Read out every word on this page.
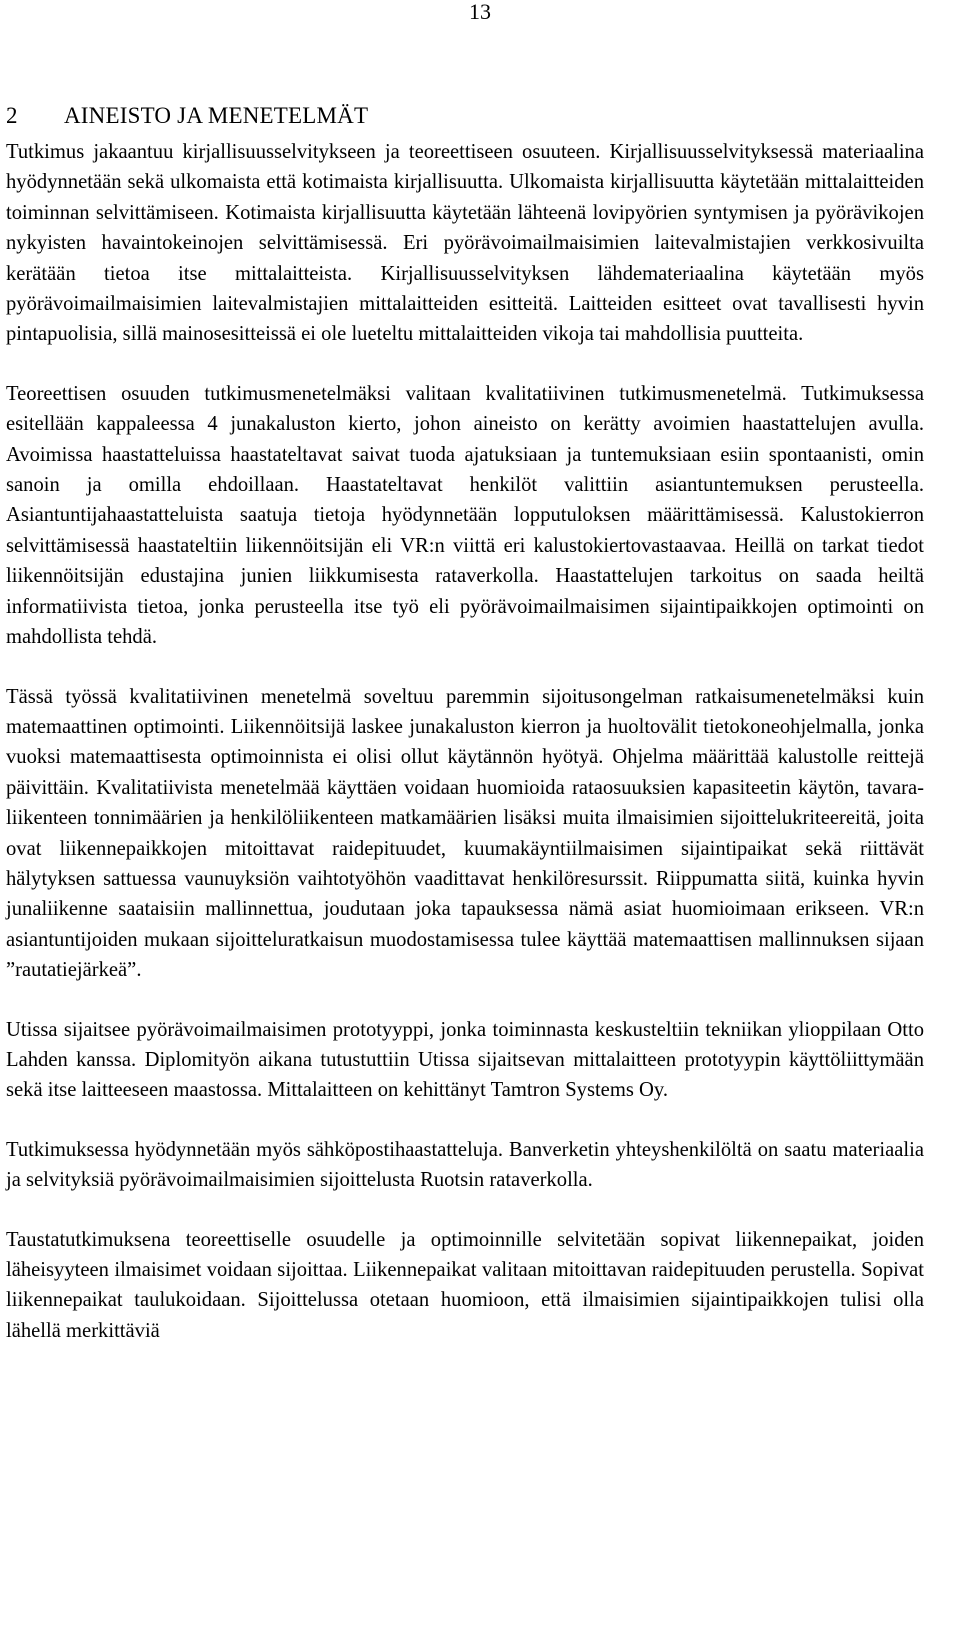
13
2 AINEISTO JA MENETELMÄT

Tutkimus jakaantuu kirjallisuusselvitykseen ja teoreettiseen osuuteen. Kirjallisuusselvityksessä materiaalina hyödynnetään sekä ulkomaista että kotimaista kirjallisuutta. Ulkomaista kirjallisuutta käytetään mittalaitteiden toiminnan selvittämiseen. Kotimaista kirjallisuutta käytetään lähteenä lovipyörien syntymisen ja pyörävikojen nykyisten havaintokeinojen selvittämisessä. Eri pyörävoimailmaisimien laitevalmistajien verkkosivuilta kerätään tietoa itse mittalaitteista. Kirjallisuusselvityksen lähdemateriaalina käytetään myös pyörävoimailmaisimien laitevalmistajien mittalaitteiden esitteitä. Laitteiden esitteet ovat tavallisesti hyvin pintapuolisia, sillä mainosesitteissä ei ole lueteltu mittalaitteiden vikoja tai mahdollisia puutteita.

Teoreettisen osuuden tutkimusmenetelmäksi valitaan kvalitatiivinen tutkimusmenetelmä. Tutkimuksessa esitellään kappaleessa 4 junakaluston kierto, johon aineisto on kerätty avoimien haastattelujen avulla. Avoimissa haastatteluissa haastateltavat saivat tuoda ajatuksiaan ja tuntemuksiaan esiin spontaanisti, omin sanoin ja omilla ehdoillaan. Haastateltavat henkilöt valittiin asiantuntemuksen perusteella. Asiantuntijahaastatteluista saatuja tietoja hyödynnetään lopputuloksen määrittämisessä. Kalustokierron selvittämisessä haastateltiin liikennöitsijän eli VR:n viittä eri kalustokiertovastaavaa. Heillä on tarkat tiedot liikennöitsijän edustajina junien liikkumisesta rataverkolla. Haastattelujen tarkoitus on saada heiltä informatiivista tietoa, jonka perusteella itse työ eli pyörävoimailmaisimen sijaintipaikkojen optimointi on mahdollista tehdä.

Tässä työssä kvalitatiivinen menetelmä soveltuu paremmin sijoitusongelman ratkaisumenetelmäksi kuin matemaattinen optimointi. Liikennöitsijä laskee junakaluston kierron ja huoltovälit tietokoneohjelmalla, jonka vuoksi matemaattisesta optimoinnista ei olisi ollut käytännön hyötyä. Ohjelma määrittää kalustolle reittejä päivittäin. Kvalitatiivista menetelmää käyttäen voidaan huomioida rataosuuksien kapasiteetin käytön, tavaraliikenteen tonnimäärien ja henkilöliikenteen matkamäärien lisäksi muita ilmaisimien sijoittelukriteereitä, joita ovat liikennepaikkojen mitoittavat raidepituudet, kuumakäyntiilmaisimen sijaintipaikat sekä riittävät hälytyksen sattuessa vaunuyksiön vaihtotyöhön vaadittavat henkilöresurssit. Riippumatta siitä, kuinka hyvin junaliikenne saataisiin mallinnettua, joudutaan joka tapauksessa nämä asiat huomioimaan erikseen. VR:n asiantuntijoiden mukaan sijoitteluratkaisun muodostamisessa tulee käyttää matemaattisen mallinnuksen sijaan ”rautatiejärkeä”.

Utissa sijaitsee pyörävoimailmaisimen prototyyppi, jonka toiminnasta keskusteltiin tekniikan ylioppilaan Otto Lahden kanssa. Diplomityön aikana tutustuttiin Utissa sijaitsevan mittalaitteen prototyypin käyttöliittymään sekä itse laitteeseen maastossa. Mittalaitteen on kehittänyt Tamtron Systems Oy.

Tutkimuksessa hyödynnetään myös sähköpostihaastatteluja. Banverketin yhteyshenkilöltä on saatu materiaalia ja selvityksiä pyörävoimailmaisimien sijoittelusta Ruotsin rataverkolla.

Taustatutkimuksena teoreettiselle osuudelle ja optimoinnille selvitetään sopivat liikennepaikat, joiden läheisyyteen ilmaisimet voidaan sijoittaa. Liikennepaikat valitaan mitoittavan raidepituuden perustella. Sopivat liikennepaikat taulukoidaan. Sijoittelussa otetaan huomioon, että ilmaisimien sijaintipaikkojen tulisi olla lähellä merkittäviä
